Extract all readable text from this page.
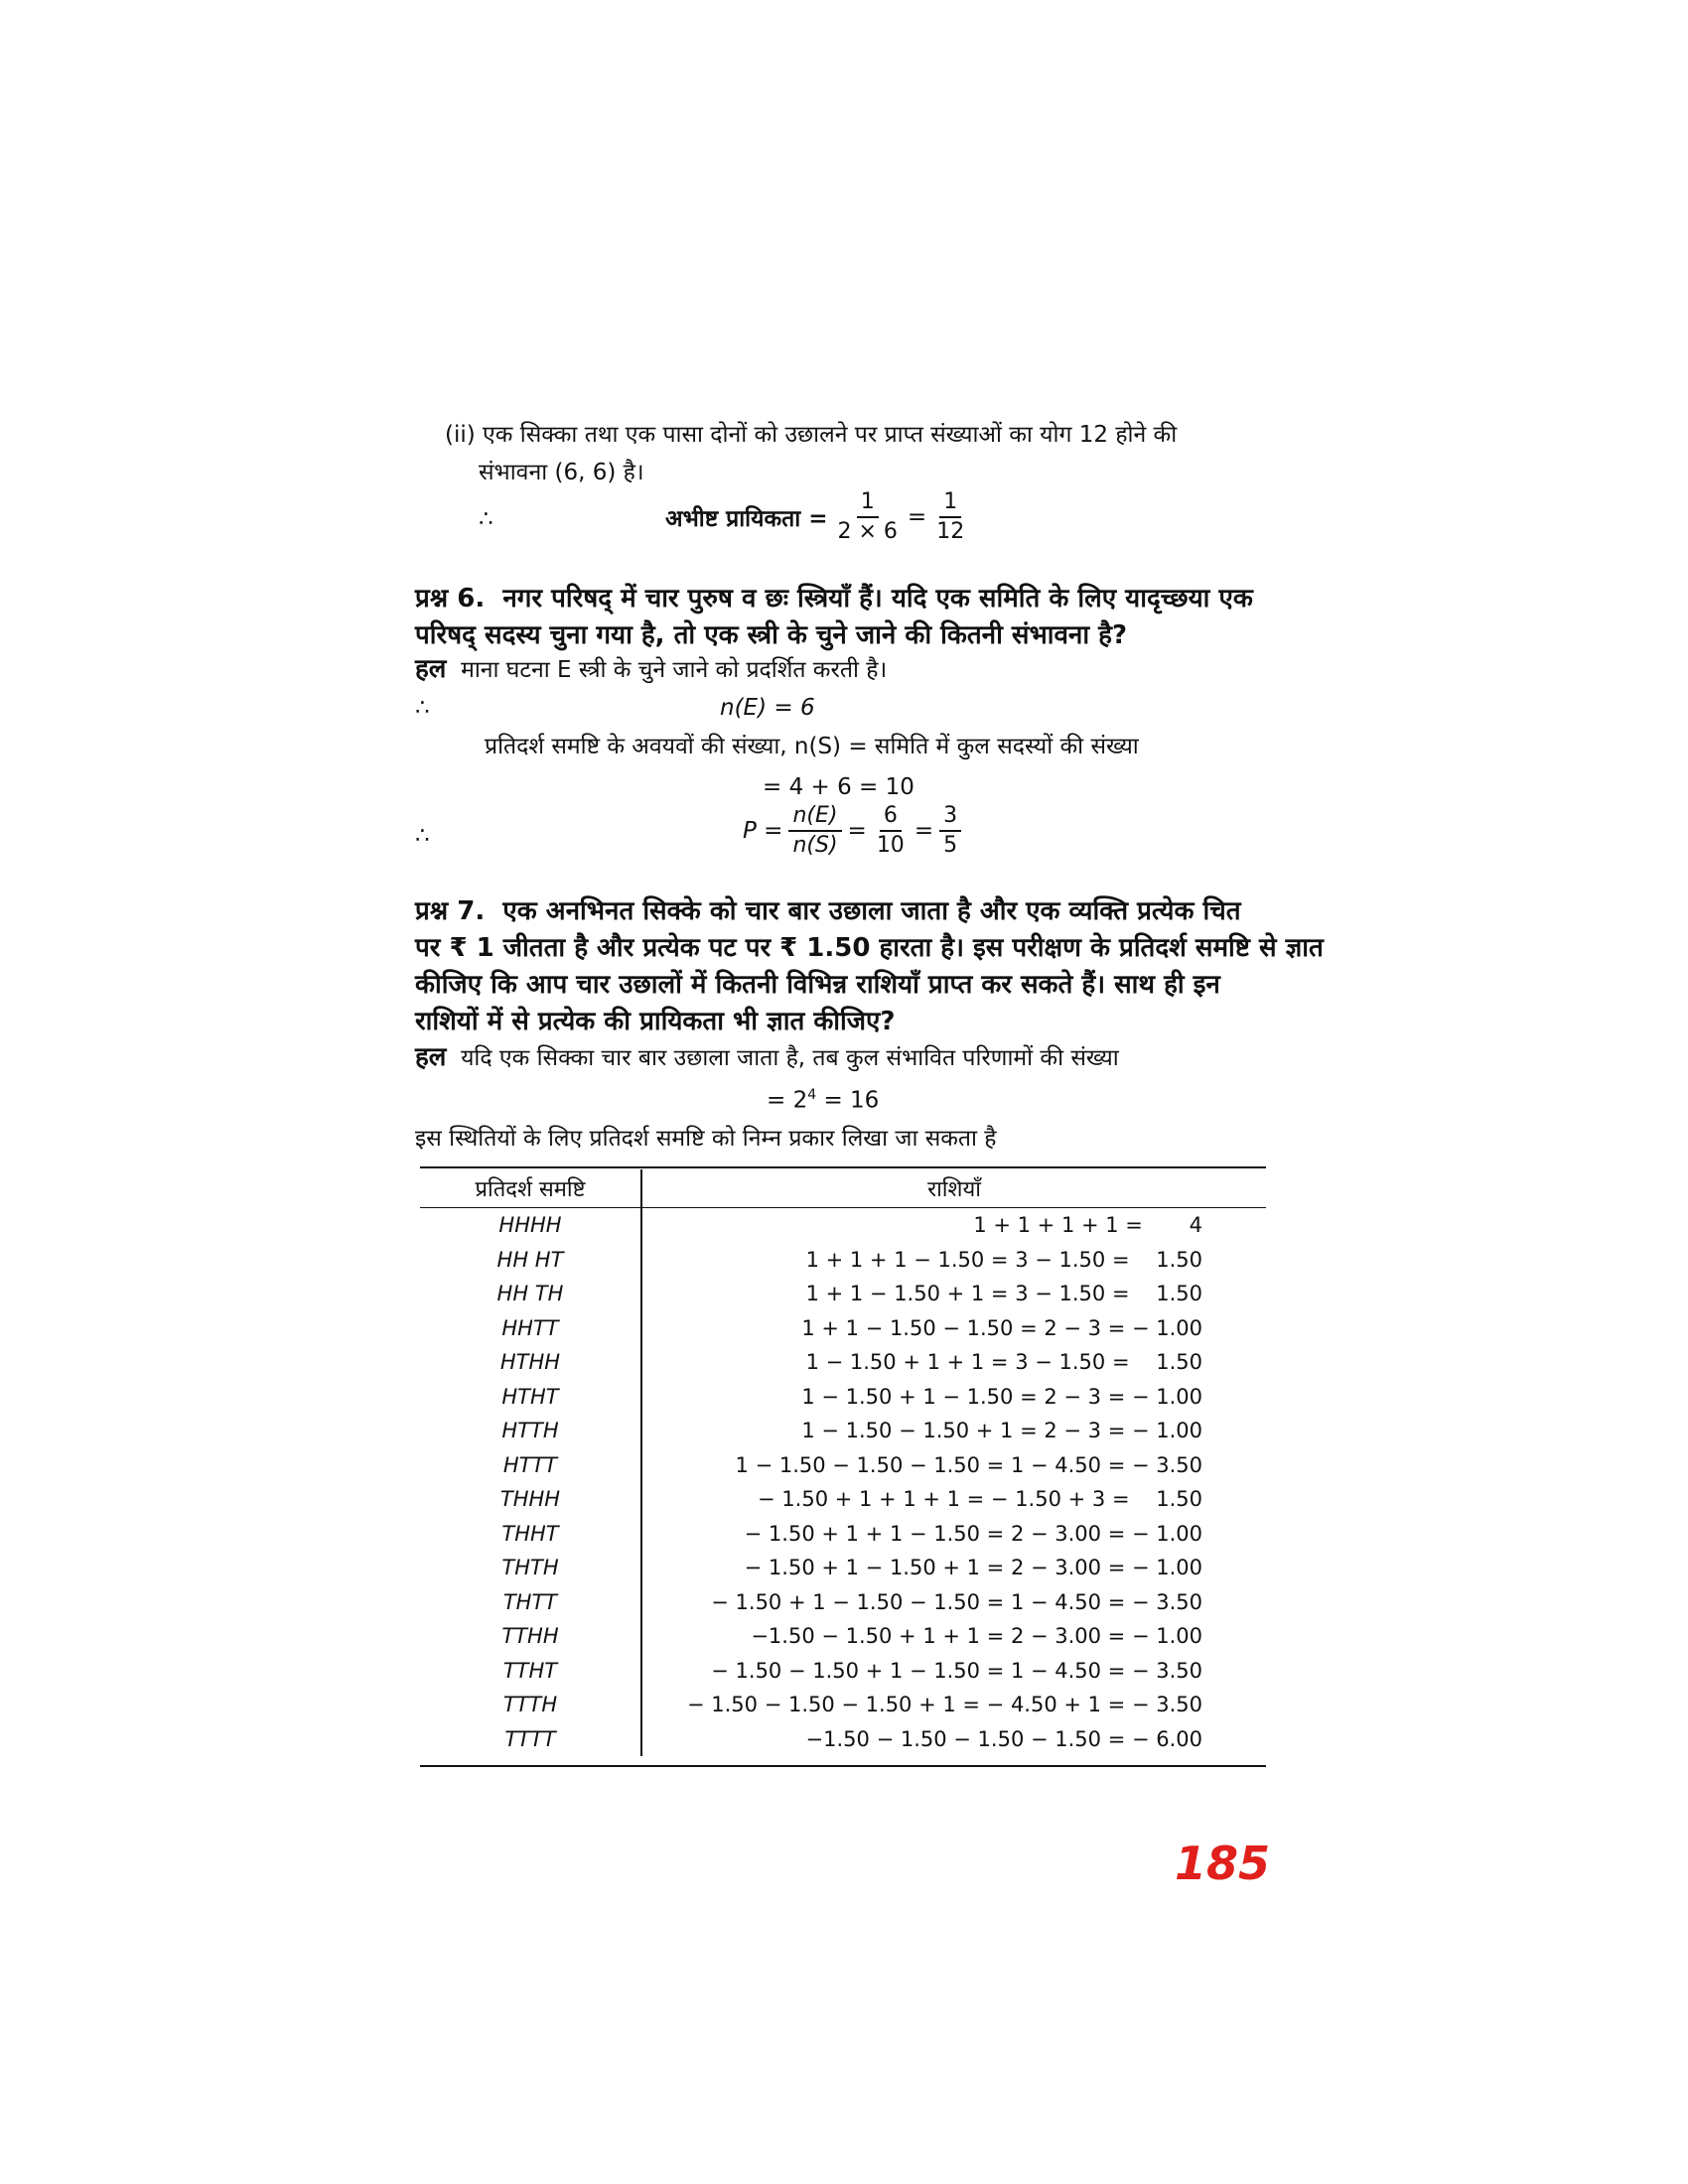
(ii) एक सिक्का तथा एक पासा दोनों को उछालने पर प्राप्त संख्याओं का योग 12 होने की
संभावना (6, 6) है।
∴	अभीष्ट प्रायिकता = $\frac{1}{2 \times 6} = \frac{1}{12}$
प्रश्न 6. नगर परिषद् में चार पुरुष व छः स्त्रियाँ हैं। यदि एक समिति के लिए यादृच्छया एक
परिषद् सदस्य चुना गया है, तो एक स्त्री के चुने जाने की कितनी संभावना है?
हल माना घटना E स्त्री के चुने जाने को प्रदर्शित करती है।
∴	n(E) = 6
प्रतिदर्श समष्टि के अवयवों की संख्या, n(S) = समिति में कुल सदस्यों की संख्या
= 4 + 6 = 10
∴	$P = \frac{n(E)}{n(S)} = \frac{6}{10} = \frac{3}{5}$
प्रश्न 7. एक अनभिनत सिक्के को चार बार उछाला जाता है और एक व्यक्ति प्रत्येक चित
पर ₹ 1 जीतता है और प्रत्येक पट पर ₹ 1.50 हारता है। इस परीक्षण के प्रतिदर्श समष्टि से ज्ञात
कीजिए कि आप चार उछालों में कितनी विभिन्न राशियाँ प्राप्त कर सकते हैं। साथ ही इन
राशियों में से प्रत्येक की प्रायिकता भी ज्ञात कीजिए?
हल यदि एक सिक्का चार बार उछाला जाता है, तब कुल संभावित परिणामों की संख्या
= $2^4 = 16$
इस स्थितियों के लिए प्रतिदर्श समष्टि को निम्न प्रकार लिखा जा सकता है
प्रतिदर्श समष्टि	राशियाँ
HHHH	1 + 1 + 1 + 1 =       4
HH HT	1 + 1 + 1 − 1.50 = 3 − 1.50 =    1.50
HH TH	1 + 1 − 1.50 + 1 = 3 − 1.50 =    1.50
HHTT	1 + 1 − 1.50 − 1.50 = 2 − 3 = − 1.00
HTHH	1 − 1.50 + 1 + 1 = 3 − 1.50 =    1.50
HTHT	1 − 1.50 + 1 − 1.50 = 2 − 3 = − 1.00
HTTH	1 − 1.50 − 1.50 + 1 = 2 − 3 = − 1.00
HTTT	1 − 1.50 − 1.50 − 1.50 = 1 − 4.50 = − 3.50
THHH	− 1.50 + 1 + 1 + 1 = − 1.50 + 3 =    1.50
THHT	− 1.50 + 1 + 1 − 1.50 = 2 − 3.00 = − 1.00
THTH	− 1.50 + 1 − 1.50 + 1 = 2 − 3.00 = − 1.00
THTT	− 1.50 + 1 − 1.50 − 1.50 = 1 − 4.50 = − 3.50
TTHH	−1.50 − 1.50 + 1 + 1 = 2 − 3.00 = − 1.00
TTHT	− 1.50 − 1.50 + 1 − 1.50 = 1 − 4.50 = − 3.50
TTTH	− 1.50 − 1.50 − 1.50 + 1 = − 4.50 + 1 = − 3.50
TTTT	−1.50 − 1.50 − 1.50 − 1.50 = − 6.00
185
